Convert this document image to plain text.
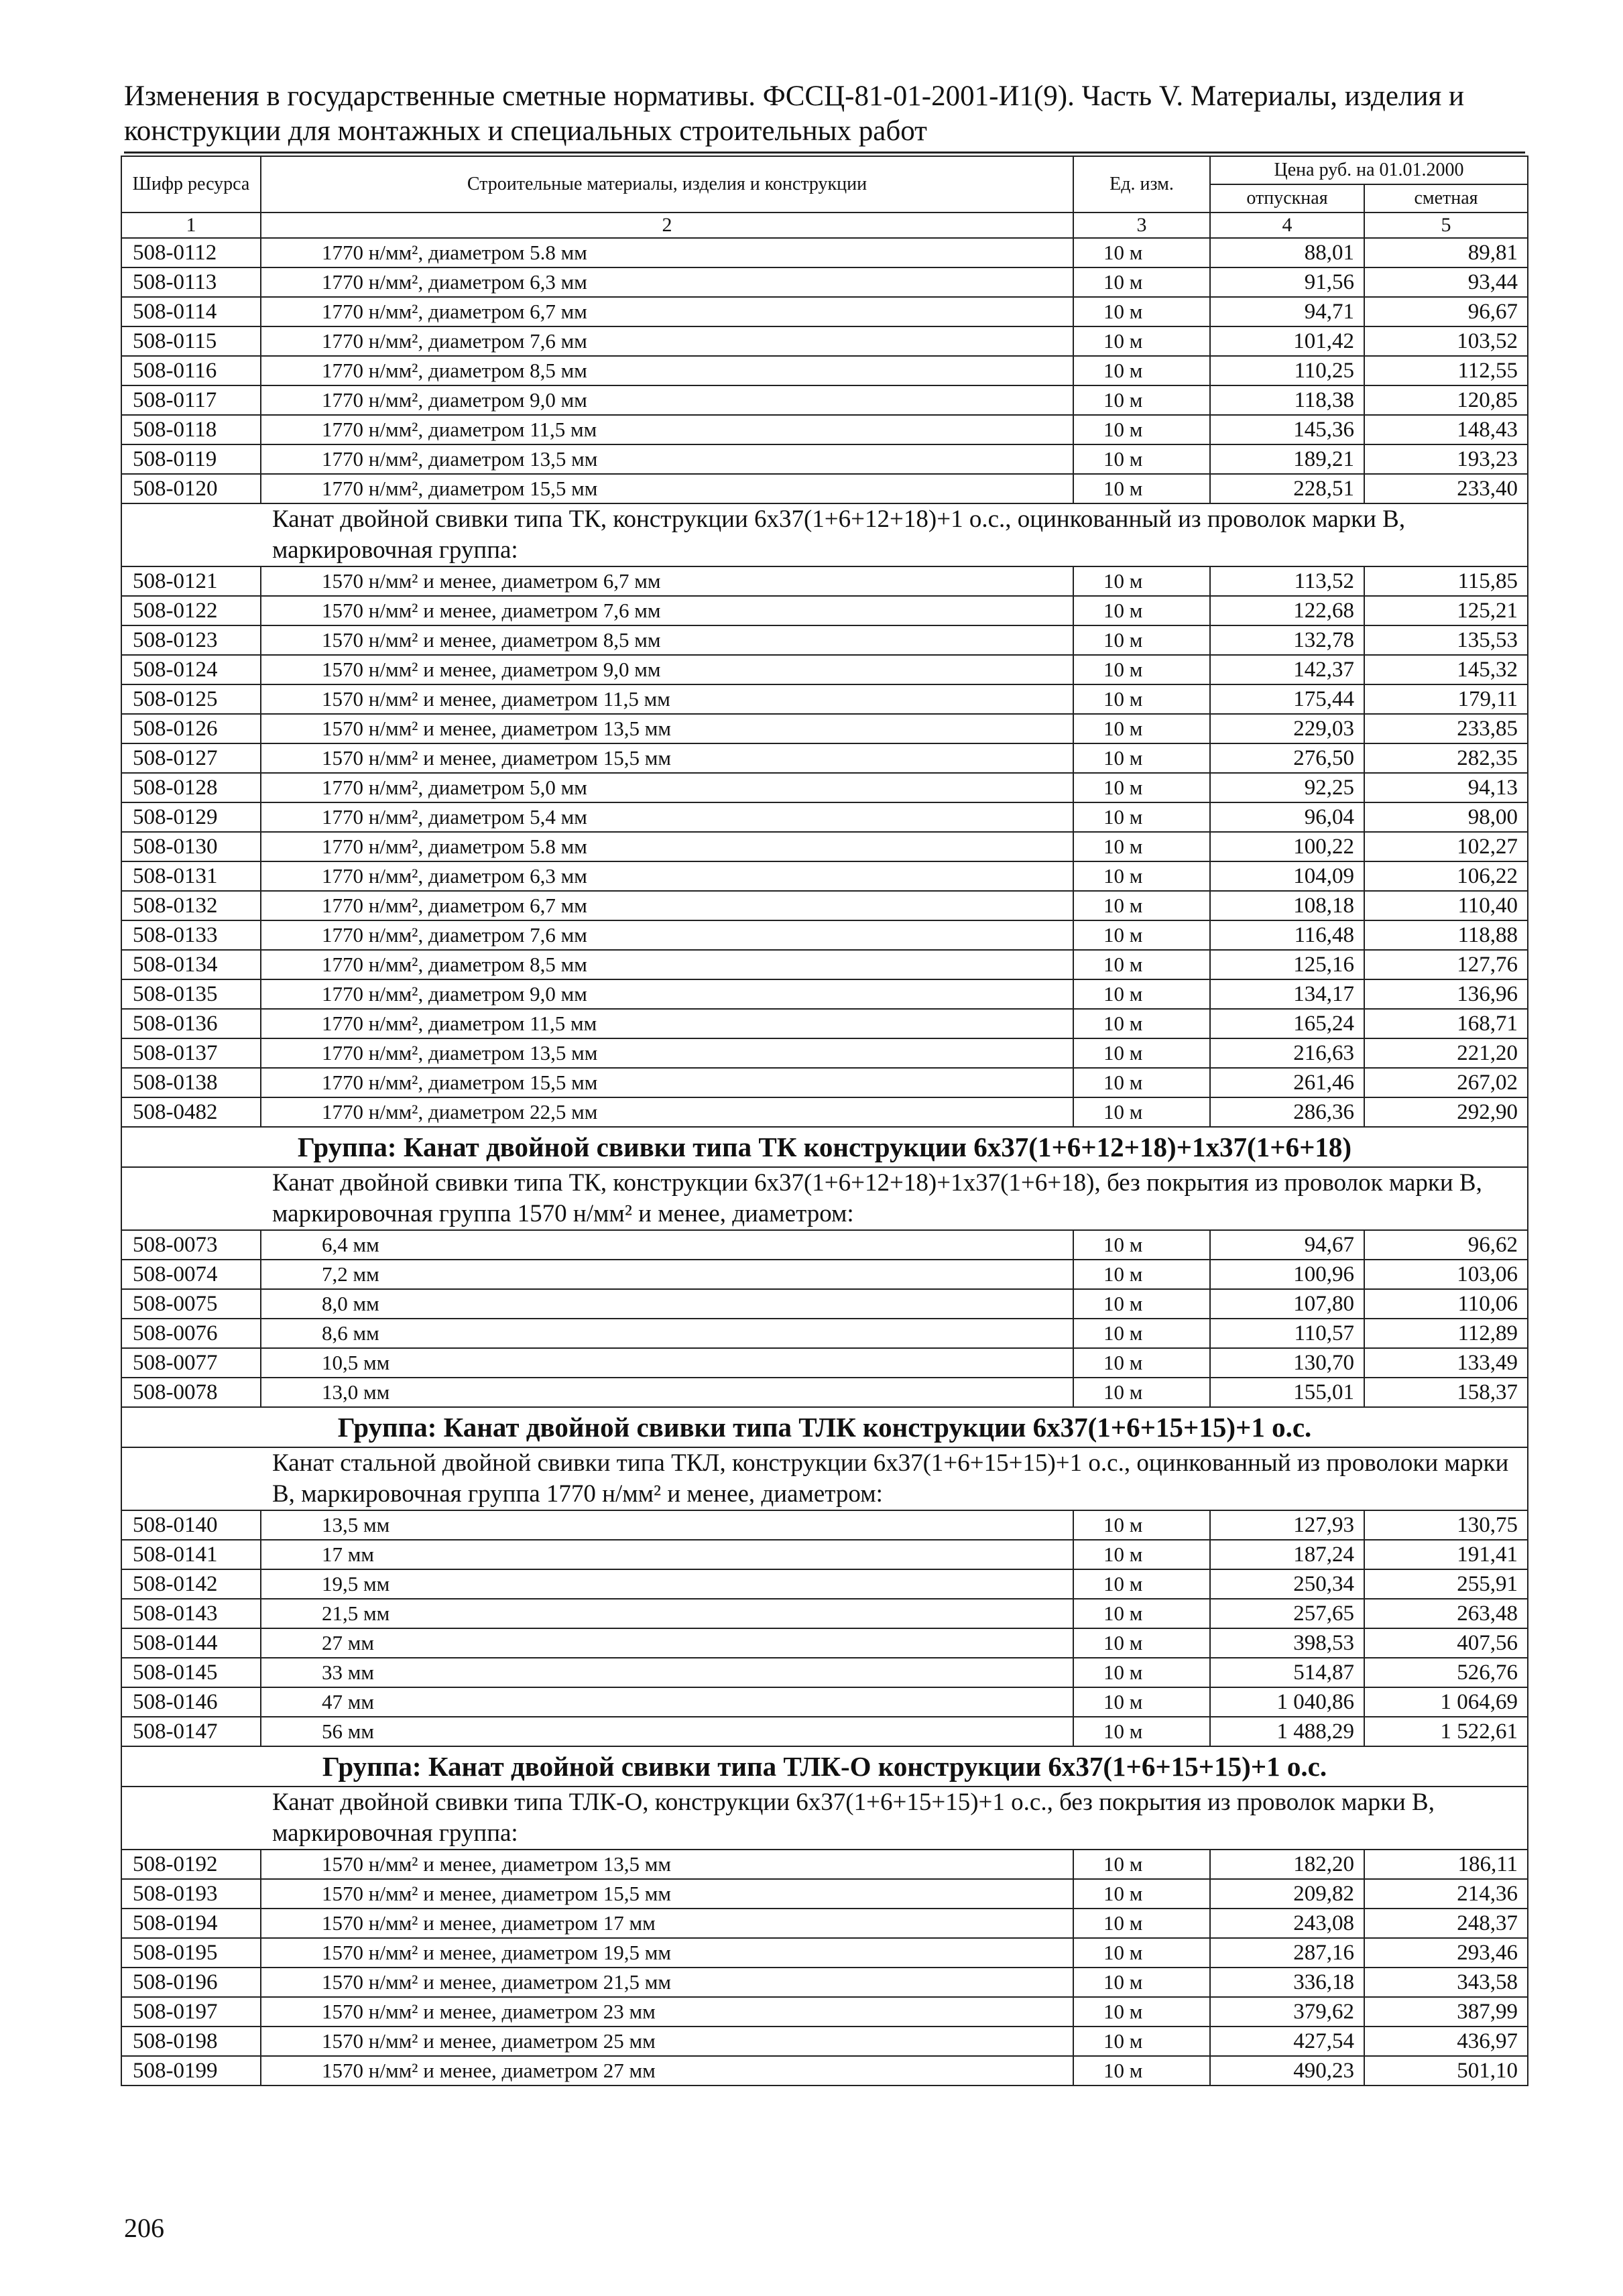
Изменения в государственные сметные нормативы. ФССЦ-81-01-2001-И1(9). Часть V. Материалы, изделия и конструкции для монтажных и специальных строительных работ
Шифр ресурса	Строительные материалы, изделия и конструкции	Ед. изм.	Цена руб. на 01.01.2000	
			отпускная	сметная
1	2	3	4	5
508-0112	1770 н/мм², диаметром 5.8 мм	10 м	88,01	89,81
508-0113	1770 н/мм², диаметром 6,3 мм	10 м	91,56	93,44
508-0114	1770 н/мм², диаметром 6,7 мм	10 м	94,71	96,67
508-0115	1770 н/мм², диаметром 7,6 мм	10 м	101,42	103,52
508-0116	1770 н/мм², диаметром 8,5 мм	10 м	110,25	112,55
508-0117	1770 н/мм², диаметром 9,0 мм	10 м	118,38	120,85
508-0118	1770 н/мм², диаметром 11,5 мм	10 м	145,36	148,43
508-0119	1770 н/мм², диаметром 13,5 мм	10 м	189,21	193,23
508-0120	1770 н/мм², диаметром 15,5 мм	10 м	228,51	233,40
Канат двойной свивки типа ТК, конструкции 6х37(1+6+12+18)+1 о.с., оцинкованный из проволок марки В, маркировочная группа:				
508-0121	1570 н/мм² и менее, диаметром 6,7 мм	10 м	113,52	115,85
508-0122	1570 н/мм² и менее, диаметром 7,6 мм	10 м	122,68	125,21
508-0123	1570 н/мм² и менее, диаметром 8,5 мм	10 м	132,78	135,53
508-0124	1570 н/мм² и менее, диаметром 9,0 мм	10 м	142,37	145,32
508-0125	1570 н/мм² и менее, диаметром 11,5 мм	10 м	175,44	179,11
508-0126	1570 н/мм² и менее, диаметром 13,5 мм	10 м	229,03	233,85
508-0127	1570 н/мм² и менее, диаметром 15,5 мм	10 м	276,50	282,35
508-0128	1770 н/мм², диаметром 5,0 мм	10 м	92,25	94,13
508-0129	1770 н/мм², диаметром 5,4 мм	10 м	96,04	98,00
508-0130	1770 н/мм², диаметром 5.8 мм	10 м	100,22	102,27
508-0131	1770 н/мм², диаметром 6,3 мм	10 м	104,09	106,22
508-0132	1770 н/мм², диаметром 6,7 мм	10 м	108,18	110,40
508-0133	1770 н/мм², диаметром 7,6 мм	10 м	116,48	118,88
508-0134	1770 н/мм², диаметром 8,5 мм	10 м	125,16	127,76
508-0135	1770 н/мм², диаметром 9,0 мм	10 м	134,17	136,96
508-0136	1770 н/мм², диаметром 11,5 мм	10 м	165,24	168,71
508-0137	1770 н/мм², диаметром 13,5 мм	10 м	216,63	221,20
508-0138	1770 н/мм², диаметром 15,5 мм	10 м	261,46	267,02
508-0482	1770 н/мм², диаметром 22,5 мм	10 м	286,36	292,90
Группа: Канат двойной свивки типа ТК конструкции 6х37(1+6+12+18)+1х37(1+6+18)				
Канат двойной свивки типа ТК, конструкции 6х37(1+6+12+18)+1х37(1+6+18), без покрытия из проволок марки В, маркировочная группа 1570 н/мм² и менее, диаметром:				
508-0073	6,4 мм	10 м	94,67	96,62
508-0074	7,2 мм	10 м	100,96	103,06
508-0075	8,0 мм	10 м	107,80	110,06
508-0076	8,6 мм	10 м	110,57	112,89
508-0077	10,5 мм	10 м	130,70	133,49
508-0078	13,0 мм	10 м	155,01	158,37
Группа: Канат двойной свивки типа ТЛК конструкции 6х37(1+6+15+15)+1 о.с.				
Канат стальной двойной свивки типа ТКЛ, конструкции 6х37(1+6+15+15)+1 о.с., оцинкованный из проволоки марки В, маркировочная группа 1770 н/мм² и менее, диаметром:				
508-0140	13,5 мм	10 м	127,93	130,75
508-0141	17 мм	10 м	187,24	191,41
508-0142	19,5 мм	10 м	250,34	255,91
508-0143	21,5 мм	10 м	257,65	263,48
508-0144	27 мм	10 м	398,53	407,56
508-0145	33 мм	10 м	514,87	526,76
508-0146	47 мм	10 м	1 040,86	1 064,69
508-0147	56 мм	10 м	1 488,29	1 522,61
Группа: Канат двойной свивки типа ТЛК-О конструкции 6х37(1+6+15+15)+1 о.с.				
Канат двойной свивки типа ТЛК-О, конструкции 6х37(1+6+15+15)+1 о.с., без покрытия из проволок марки В, маркировочная группа:				
508-0192	1570 н/мм² и менее, диаметром 13,5 мм	10 м	182,20	186,11
508-0193	1570 н/мм² и менее, диаметром 15,5 мм	10 м	209,82	214,36
508-0194	1570 н/мм² и менее, диаметром 17 мм	10 м	243,08	248,37
508-0195	1570 н/мм² и менее, диаметром 19,5 мм	10 м	287,16	293,46
508-0196	1570 н/мм² и менее, диаметром 21,5 мм	10 м	336,18	343,58
508-0197	1570 н/мм² и менее, диаметром 23 мм	10 м	379,62	387,99
508-0198	1570 н/мм² и менее, диаметром 25 мм	10 м	427,54	436,97
508-0199	1570 н/мм² и менее, диаметром 27 мм	10 м	490,23	501,10
206
